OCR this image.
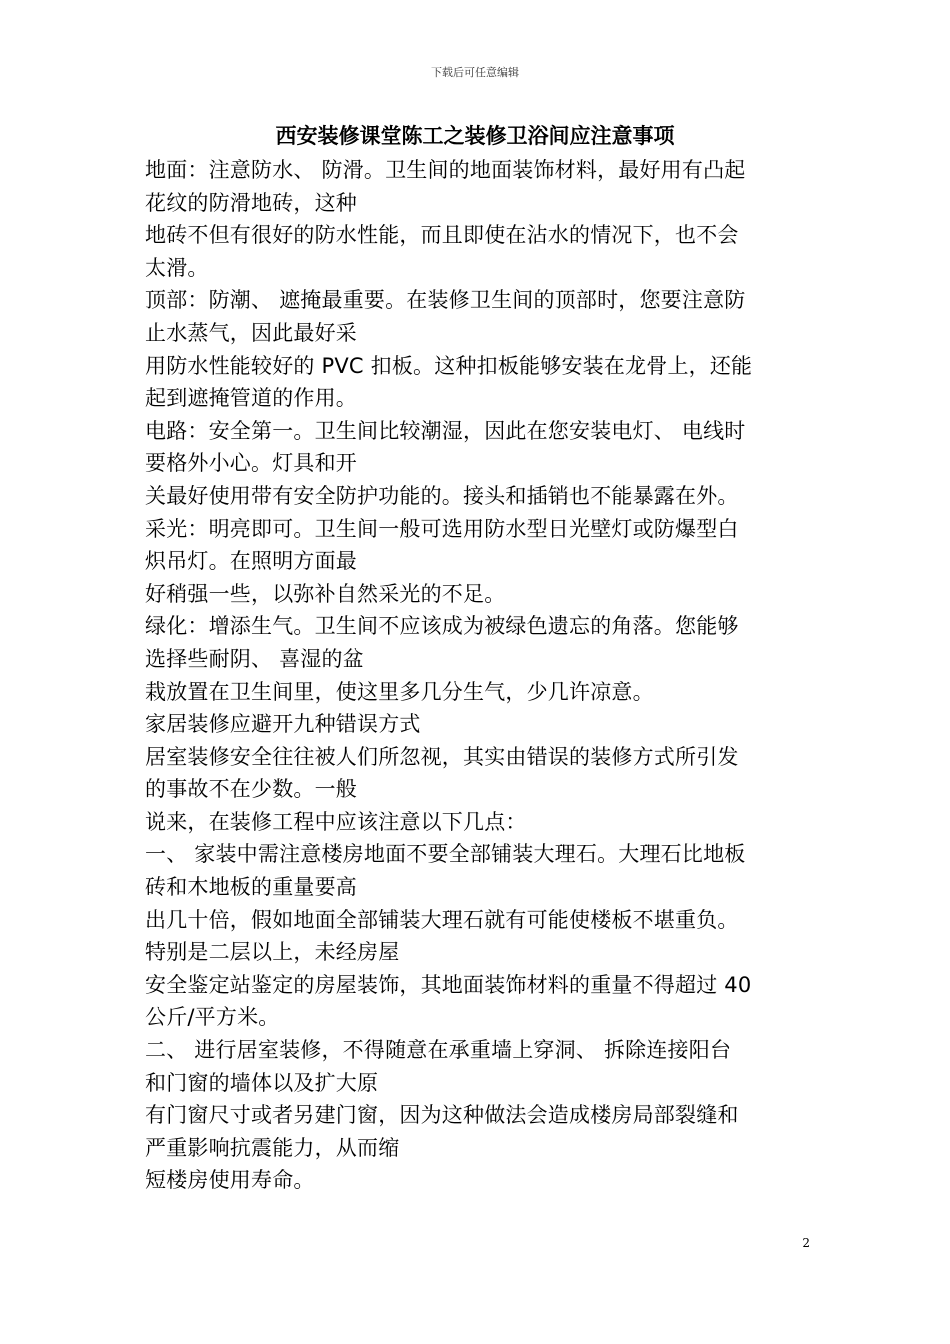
下载后可任意编辑
西安装修课堂陈工之装修卫浴间应注意事项

地面：注意防水、 防滑。卫生间的地面装饰材料，最好用有凸起

花纹的防滑地砖，这种

地砖不但有很好的防水性能，而且即使在沾水的情况下，也不会

太滑。

顶部：防潮、 遮掩最重要。在装修卫生间的顶部时，您要注意防

止水蒸气，因此最好采

用防水性能较好的 PVC 扣板。这种扣板能够安装在龙骨上，还能

起到遮掩管道的作用。

电路：安全第一。卫生间比较潮湿，因此在您安装电灯、 电线时

要格外小心。灯具和开

关最好使用带有安全防护功能的。接头和插销也不能暴露在外。

采光：明亮即可。卫生间一般可选用防水型日光壁灯或防爆型白

炽吊灯。在照明方面最

好稍强一些，以弥补自然采光的不足。

绿化：增添生气。卫生间不应该成为被绿色遗忘的角落。您能够

选择些耐阴、 喜湿的盆

栽放置在卫生间里，使这里多几分生气，少几许凉意。

家居装修应避开九种错误方式

居室装修安全往往被人们所忽视，其实由错误的装修方式所引发

的事故不在少数。一般

说来，在装修工程中应该注意以下几点：

一、 家装中需注意楼房地面不要全部铺装大理石。大理石比地板

砖和木地板的重量要高

出几十倍，假如地面全部铺装大理石就有可能使楼板不堪重负。

特别是二层以上，未经房屋

安全鉴定站鉴定的房屋装饰，其地面装饰材料的重量不得超过 40

公斤/平方米。

二、 进行居室装修，不得随意在承重墙上穿洞、 拆除连接阳台

和门窗的墙体以及扩大原

有门窗尺寸或者另建门窗，因为这种做法会造成楼房局部裂缝和

严重影响抗震能力，从而缩

短楼房使用寿命。

2
